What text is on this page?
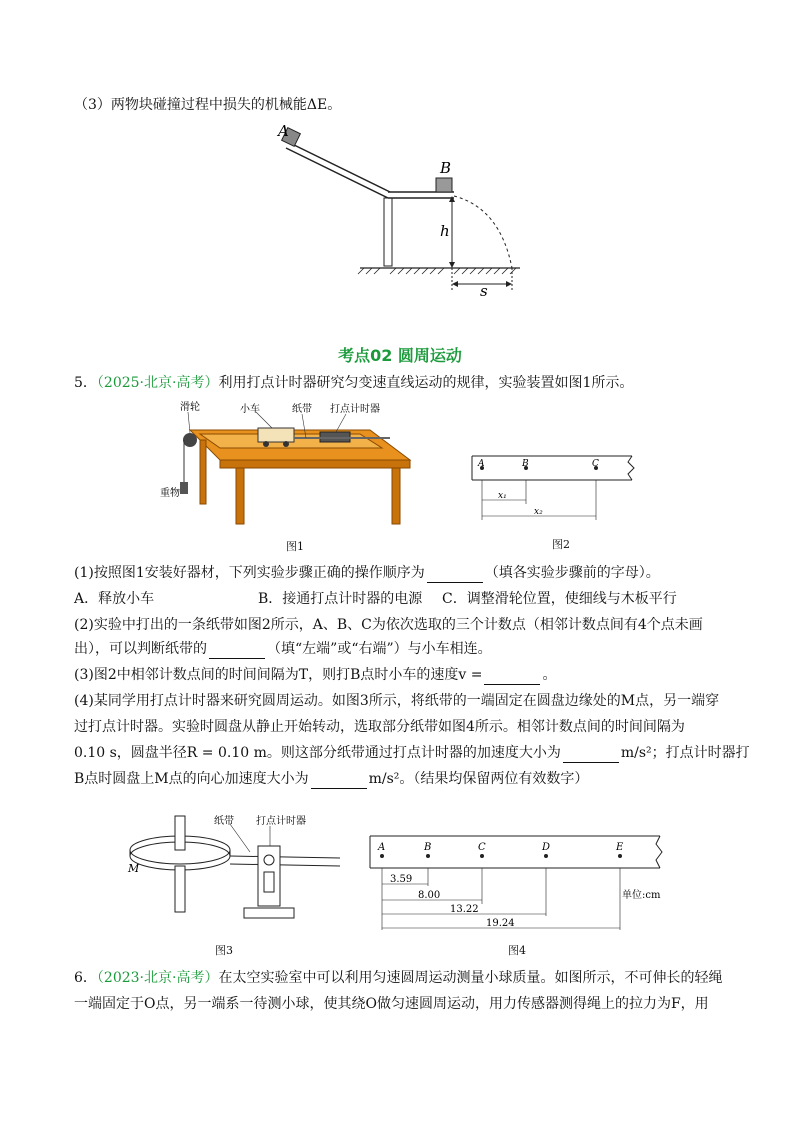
（3）两物块碰撞过程中损失的机械能ΔE。
A
B
h
s
考点02 圆周运动
5．（2025·北京·高考）利用打点计时器研究匀变速直线运动的规律，实验装置如图1所示。
滑轮	小车	纸带 打点计时器
重物
图1
A	B	C
x₁
x₂
图2
(1)按照图1安装好器材，下列实验步骤正确的操作顺序为	（填各实验步骤前的字母）。
A．释放小车	B．接通打点计时器的电源 C．调整滑轮位置，使细线与木板平行
(2)实验中打出的一条纸带如图2所示，A、B、C为依次选取的三个计数点（相邻计数点间有4个点未画
出），可以判断纸带的	（填“左端”或“右端”）与小车相连。
(3)图2中相邻计数点间的时间间隔为T，则打B点时小车的速度v =	。
(4)某同学用打点计时器来研究圆周运动。如图3所示，将纸带的一端固定在圆盘边缘处的M点，另一端穿
过打点计时器。实验时圆盘从静止开始转动，选取部分纸带如图4所示。相邻计数点间的时间间隔为
0.10 s，圆盘半径R = 0.10 m。则这部分纸带通过打点计时器的加速度大小为	m/s²；打点计时器打
B点时圆盘上M点的向心加速度大小为	m/s²。（结果均保留两位有效数字）
纸带 打点计时器
M
图3
A	B	C	D	E
3.59
8.00
13.22
19.24
单位:cm
图4
6．（2023·北京·高考）在太空实验室中可以利用匀速圆周运动测量小球质量。如图所示，不可伸长的轻绳
一端固定于O点，另一端系一待测小球，使其绕O做匀速圆周运动，用力传感器测得绳上的拉力为F，用
